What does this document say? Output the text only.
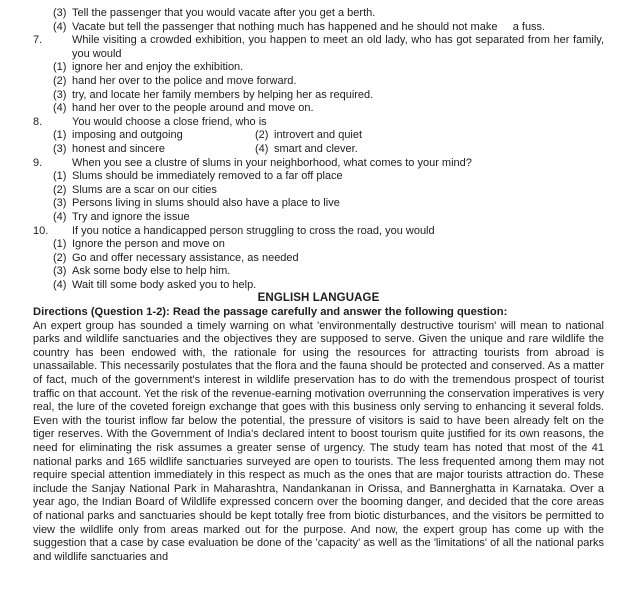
(3) Tell the passenger that you would vacate after you get a berth.
(4) Vacate but tell the passenger that nothing much has happened and he should not make     a fuss.
7.	While visiting a crowded exhibition, you happen to meet an old lady, who has got separated from her family, you would
(1) ignore her and enjoy the exhibition.
(2) hand her over to the police and move forward.
(3) try, and locate her family members by helping her as required.
(4) hand her over to the people around and move on.
8.	You would choose a close friend, who is
(1) imposing and outgoing	(2) introvert and quiet
(3) honest and sincere	(4) smart and clever.
9.	When you see a clustre of slums in your neighborhood, what comes to your mind?
(1) Slums should be immediately removed to a far off place
(2) Slums are a scar on our cities
(3) Persons living in slums should also have a place to live
(4) Try and ignore the issue
10.	If you notice a handicapped person struggling to cross the road, you would
(1) Ignore the person and move on
(2) Go and offer necessary assistance, as needed
(3) Ask some body else to help him.
(4) Wait till some body asked you to help.
ENGLISH LANGUAGE
Directions (Question 1-2): Read the passage carefully and answer the following question:
An expert group has sounded a timely warning on what 'environmentally destructive tourism' will mean to national parks and wildlife sanctuaries and the objectives they are supposed to serve. Given the unique and rare wildlife the country has been endowed with, the rationale for using the resources for attracting tourists from abroad is unassailable. This necessarily postulates that the flora and the fauna should be protected and conserved. As a matter of fact, much of the government's interest in wildlife preservation has to do with the tremendous prospect of tourist traffic on that account. Yet the risk of the revenue-earning motivation overrunning the conservation imperatives is very real, the lure of the coveted foreign exchange that goes with this business only serving to enhancing it several folds. Even with the tourist inflow far below the potential, the pressure of visitors is said to have been already felt on the tiger reserves. With the Government of India's declared intent to boost tourism quite justified for its own reasons, the need for eliminating the risk assumes a greater sense of urgency. The study team has noted that most of the 41 national parks and 165 wildlife sanctuaries surveyed are open to tourists. The less frequented among them may not require special attention immediately in this respect as much as the ones that are major tourists attraction do. These include the Sanjay National Park in Maharashtra, Nandankanan in Orissa, and Bannerghatta in Karnataka. Over a year ago, the Indian Board of Wildlife expressed concern over the booming danger, and decided that the core areas of national parks and sanctuaries should be kept totally free from biotic disturbances, and the visitors be permitted to view the wildlife only from areas marked out for the purpose. And now, the expert group has come up with the suggestion that a case by case evaluation be done of the 'capacity' as well as the 'limitations' of all the national parks and wildlife sanctuaries and
